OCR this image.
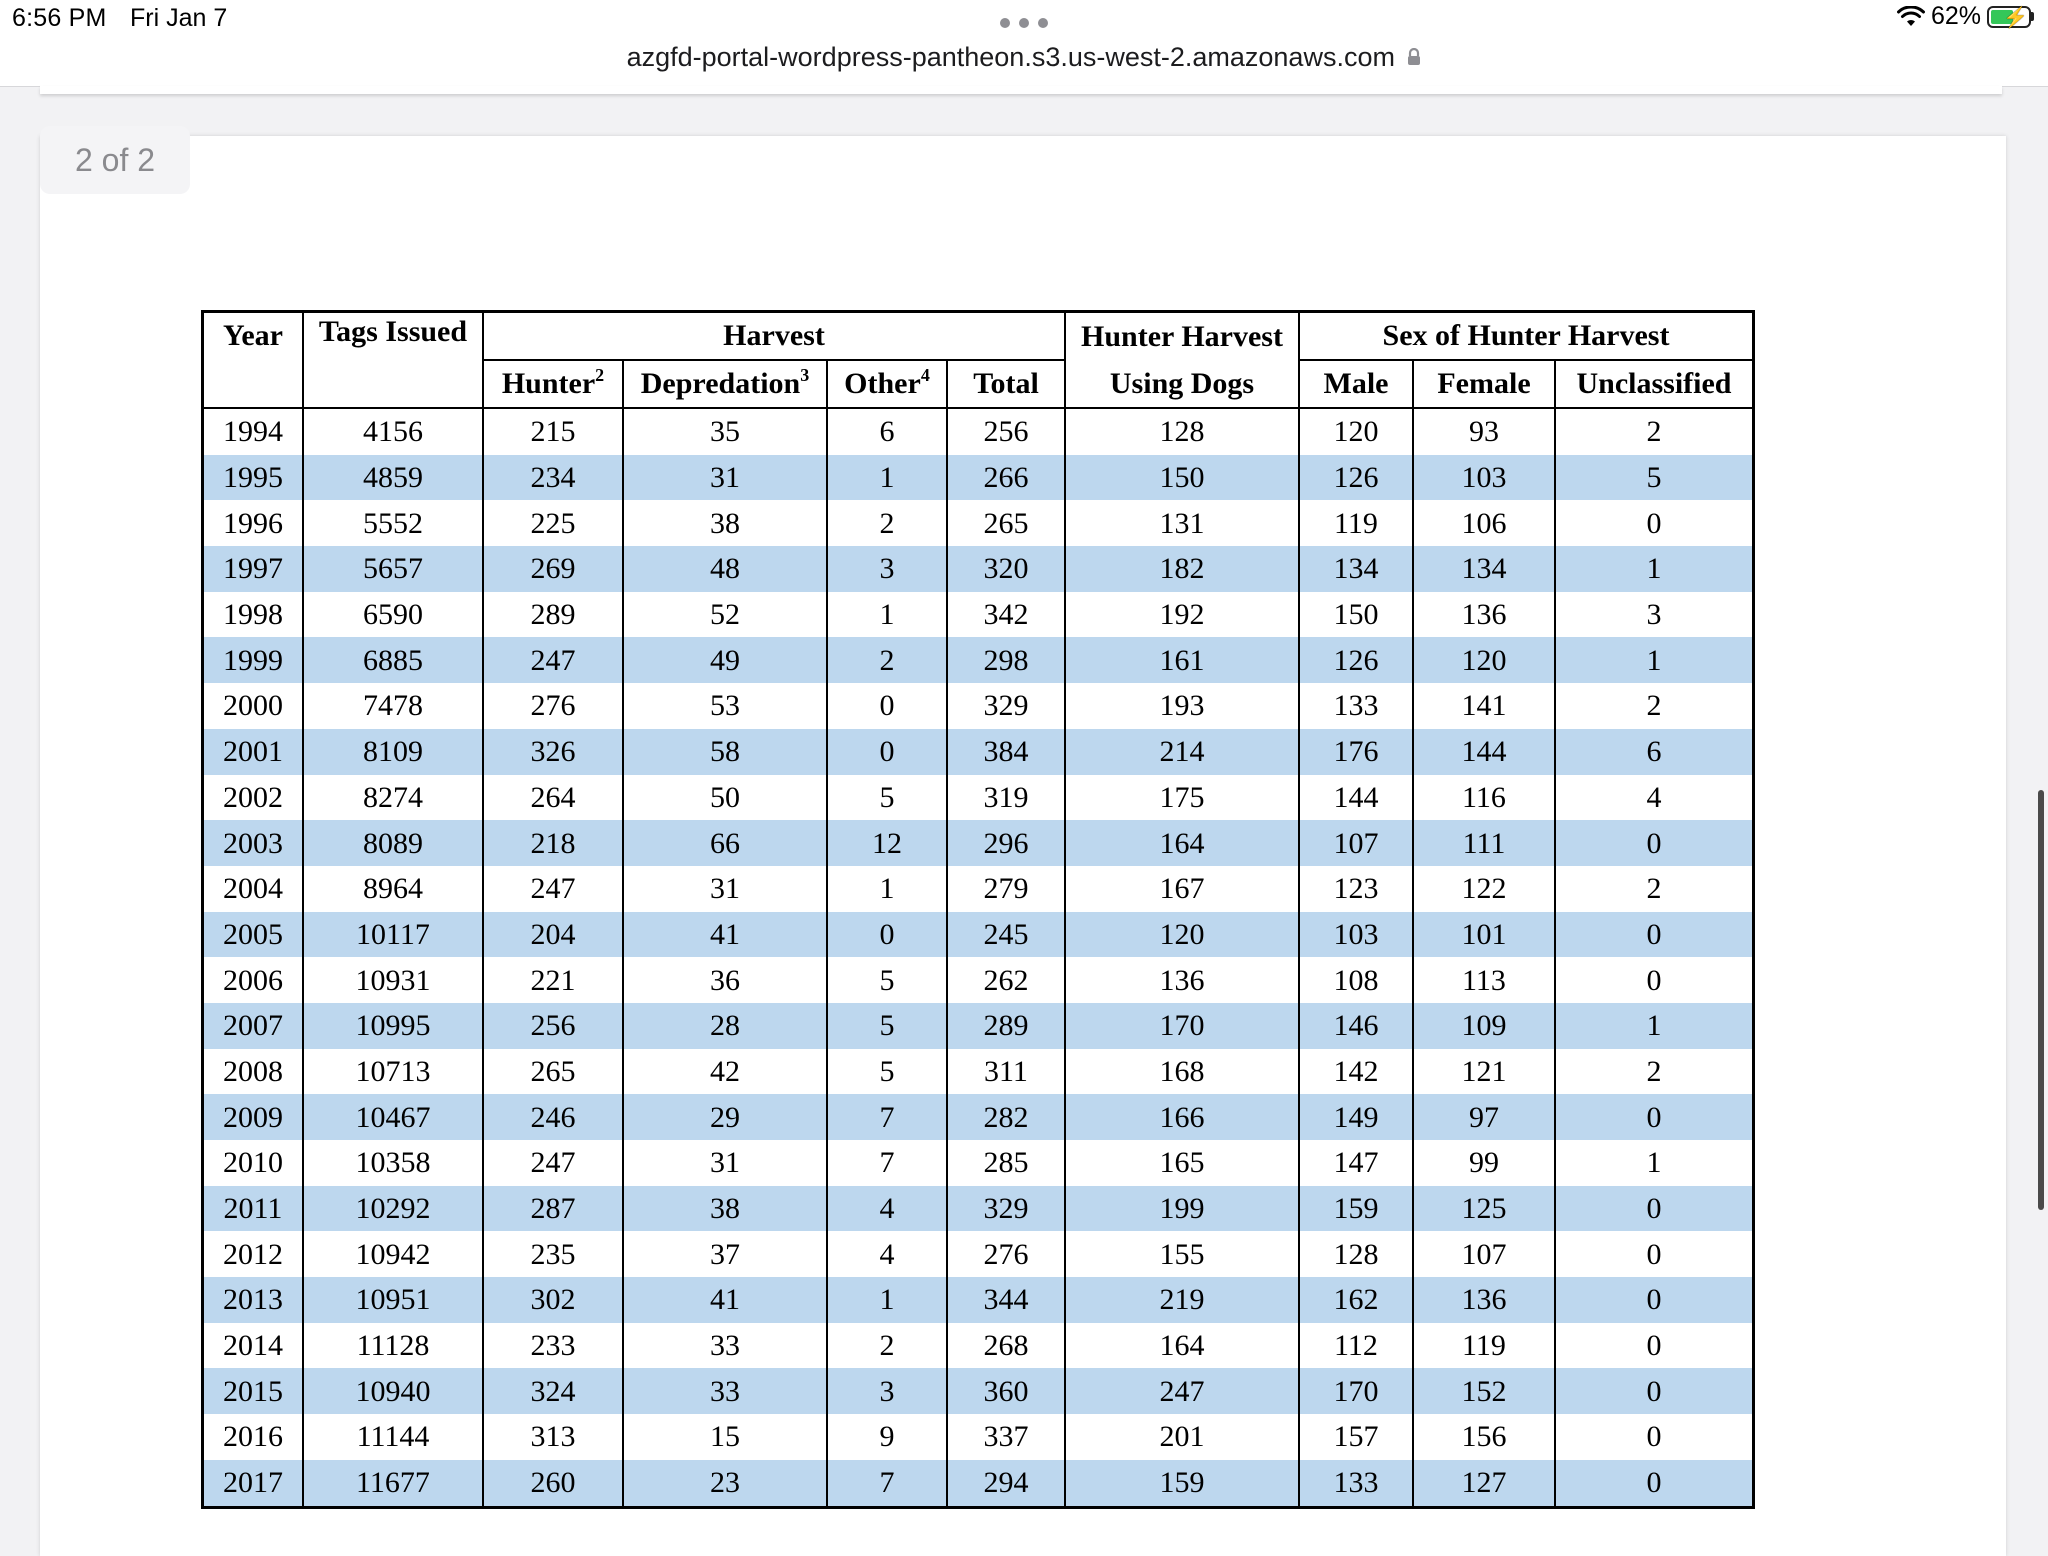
6:56 PM Fri Jan 7	62% ⚡
azgfd-portal-wordpress-pantheon.s3.us-west-2.amazonaws.com
2 of 2
Year	Tags Issued	Harvest				Hunter Harvest	Sex of Hunter Harvest		
		Hunter$^2$	Depredation$^3$	Other$^4$	Total	Using Dogs	Male	Female	Unclassified
1994	4156	215	35	6	256	128	120	93	2
1995	4859	234	31	1	266	150	126	103	5
1996	5552	225	38	2	265	131	119	106	0
1997	5657	269	48	3	320	182	134	134	1
1998	6590	289	52	1	342	192	150	136	3
1999	6885	247	49	2	298	161	126	120	1
2000	7478	276	53	0	329	193	133	141	2
2001	8109	326	58	0	384	214	176	144	6
2002	8274	264	50	5	319	175	144	116	4
2003	8089	218	66	12	296	164	107	111	0
2004	8964	247	31	1	279	167	123	122	2
2005	10117	204	41	0	245	120	103	101	0
2006	10931	221	36	5	262	136	108	113	0
2007	10995	256	28	5	289	170	146	109	1
2008	10713	265	42	5	311	168	142	121	2
2009	10467	246	29	7	282	166	149	97	0
2010	10358	247	31	7	285	165	147	99	1
2011	10292	287	38	4	329	199	159	125	0
2012	10942	235	37	4	276	155	128	107	0
2013	10951	302	41	1	344	219	162	136	0
2014	11128	233	33	2	268	164	112	119	0
2015	10940	324	33	3	360	247	170	152	0
2016	11144	313	15	9	337	201	157	156	0
2017	11677	260	23	7	294	159	133	127	0
